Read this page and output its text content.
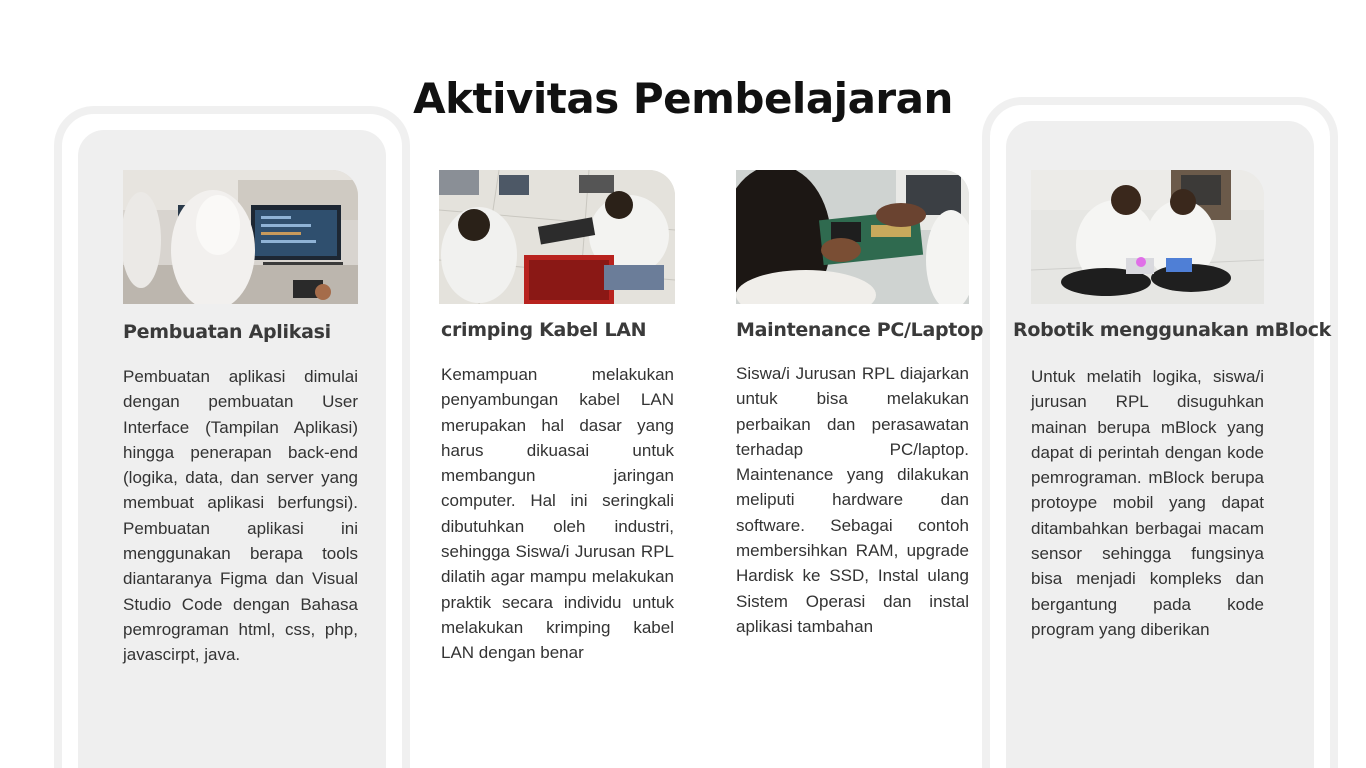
Aktivitas Pembelajaran
Pembuatan Aplikasi

Pembuatan aplikasi dimulai dengan pembuatan User Interface (Tampilan Aplikasi) hingga penerapan back-end (logika, data, dan server yang membuat aplikasi berfungsi). Pembuatan aplikasi ini menggunakan berapa tools diantaranya Figma dan Visual Studio Code dengan Bahasa pemrograman html, css, php, javascirpt, java.

crimping Kabel LAN

Kemampuan melakukan penyambungan kabel LAN merupakan hal dasar yang harus dikuasai untuk membangun jaringan computer. Hal ini seringkali dibutuhkan oleh industri, sehingga Siswa/i Jurusan RPL dilatih agar mampu melakukan praktik secara individu untuk melakukan krimping kabel LAN dengan benar

Maintenance PC/Laptop

Siswa/i Jurusan RPL diajarkan untuk bisa melakukan perbaikan dan perasawatan terhadap PC/laptop. Maintenance yang dilakukan meliputi hardware dan software. Sebagai contoh membersihkan RAM, upgrade Hardisk ke SSD, Instal ulang Sistem Operasi dan instal aplikasi tambahan

Robotik menggunakan mBlock

Untuk melatih logika, siswa/i jurusan RPL disuguhkan mainan berupa mBlock yang dapat di perintah dengan kode pemrograman. mBlock berupa protoype mobil yang dapat ditambahkan berbagai macam sensor sehingga fungsinya bisa menjadi kompleks dan bergantung pada kode program yang diberikan
